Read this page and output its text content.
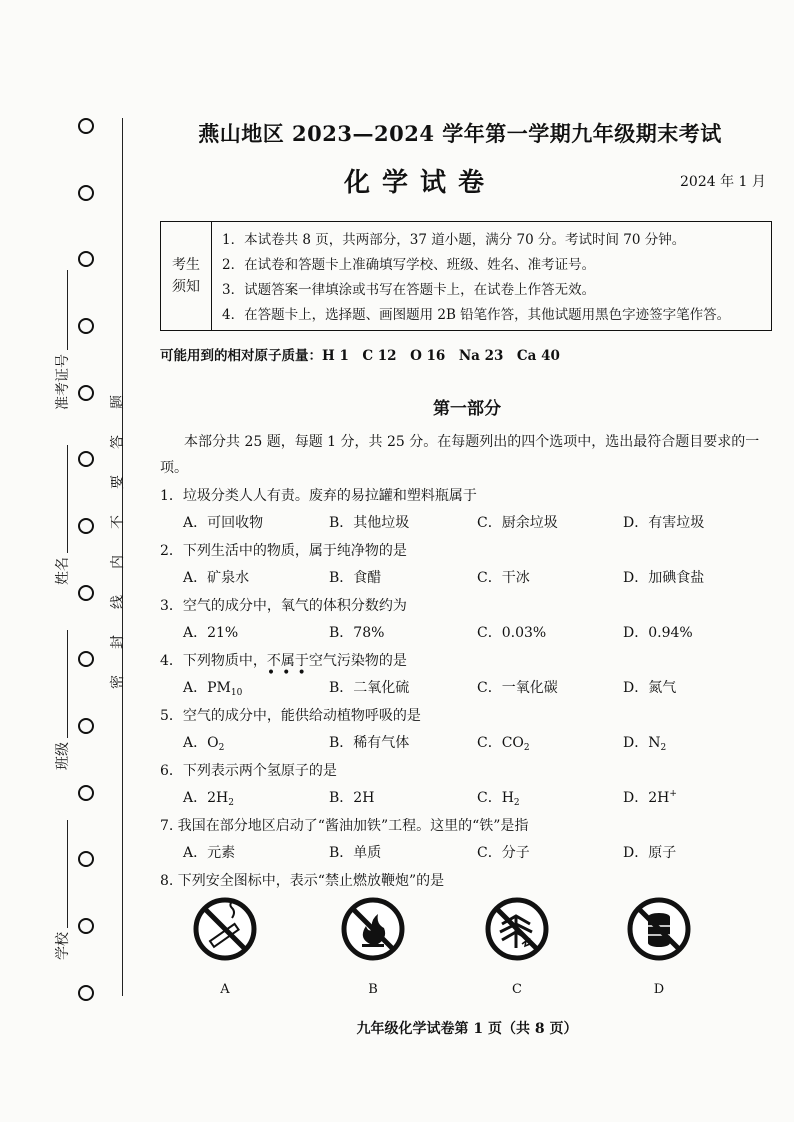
准考证号
姓名
班级
学校
密
封
线
内
不
要
答
题
燕山地区 2023—2024 学年第一学期九年级期末考试
化学试卷	2024 年 1 月
考生
须知
1．本试卷共 8 页，共两部分，37 道小题，满分 70 分。考试时间 70 分钟。
2．在试卷和答题卡上准确填写学校、班级、姓名、准考证号。
3．试题答案一律填涂或书写在答题卡上，在试卷上作答无效。
4．在答题卡上，选择题、画图题用 2B 铅笔作答，其他试题用黑色字迹签字笔作答。
可能用到的相对原子质量：H 1　C 12　O 16　Na 23　Ca 40
第一部分
本部分共 25 题，每题 1 分，共 25 分。在每题列出的四个选项中，选出最符合题目要求的一项。
1．垃圾分类人人有责。废弃的易拉罐和塑料瓶属于
A．可回收物	B．其他垃圾	C．厨余垃圾	D．有害垃圾
2．下列生活中的物质，属于纯净物的是
A．矿泉水	B．食醋	C．干冰	D．加碘食盐
3．空气的成分中，氧气的体积分数约为
A．21%	B．78%	C．0.03%	D．0.94%
4．下列物质中，不属于
•••
空气污染物的是
A．$PM_{10}$	B．二氧化硫	C．一氧化碳	D．氮气
5．空气的成分中，能供给动植物呼吸的是
A．$O_2$	B．稀有气体	C．$CO_2$	D．$N_2$
6．下列表示两个氢原子的是
A．$2H_2$	B．2H	C．$H_2$	D．2H+
7. 我国在部分地区启动了“酱油加铁”工程。这里的“铁”是指
A．元素	B．单质	C．分子	D．原子
8. 下列安全图标中，表示“禁止燃放鞭炮”的是
A	B	C	D
九年级化学试卷第 1 页（共 8 页）
